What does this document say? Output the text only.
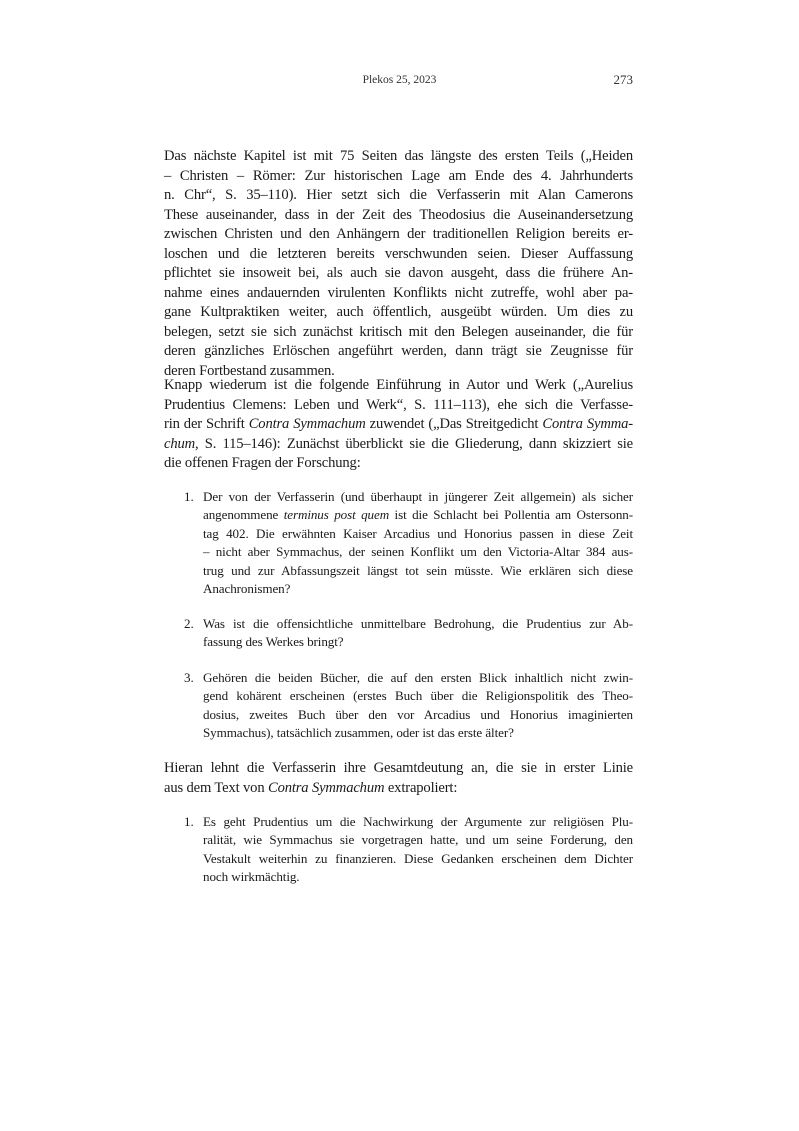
Plekos 25, 2023	273
Das nächste Kapitel ist mit 75 Seiten das längste des ersten Teils („Heiden
– Christen – Römer: Zur historischen Lage am Ende des 4. Jahrhunderts
n. Chr“, S. 35–110). Hier setzt sich die Verfasserin mit Alan Camerons
These auseinander, dass in der Zeit des Theodosius die Auseinandersetzung
zwischen Christen und den Anhängern der traditionellen Religion bereits er-
loschen und die letzteren bereits verschwunden seien. Dieser Auffassung
pflichtet sie insoweit bei, als auch sie davon ausgeht, dass die frühere An-
nahme eines andauernden virulenten Konflikts nicht zutreffe, wohl aber pa-
gane Kultpraktiken weiter, auch öffentlich, ausgeübt würden. Um dies zu
belegen, setzt sie sich zunächst kritisch mit den Belegen auseinander, die für
deren gänzliches Erlöschen angeführt werden, dann trägt sie Zeugnisse für
deren Fortbestand zusammen.
Knapp wiederum ist die folgende Einführung in Autor und Werk („Aurelius
Prudentius Clemens: Leben und Werk“, S. 111–113), ehe sich die Verfasse-
rin der Schrift Contra Symmachum zuwendet („Das Streitgedicht Contra Symma-
chum, S. 115–146): Zunächst überblickt sie die Gliederung, dann skizziert sie
die offenen Fragen der Forschung:
1. Der von der Verfasserin (und überhaupt in jüngerer Zeit allgemein) als sicher
angenommene terminus post quem ist die Schlacht bei Pollentia am Ostersonn-
tag 402. Die erwähnten Kaiser Arcadius und Honorius passen in diese Zeit
– nicht aber Symmachus, der seinen Konflikt um den Victoria-Altar 384 aus-
trug und zur Abfassungszeit längst tot sein müsste. Wie erklären sich diese
Anachronismen?
2. Was ist die offensichtliche unmittelbare Bedrohung, die Prudentius zur Ab-
fassung des Werkes bringt?
3. Gehören die beiden Bücher, die auf den ersten Blick inhaltlich nicht zwin-
gend kohärent erscheinen (erstes Buch über die Religionspolitik des Theo-
dosius, zweites Buch über den vor Arcadius und Honorius imaginierten
Symmachus), tatsächlich zusammen, oder ist das erste älter?
Hieran lehnt die Verfasserin ihre Gesamtdeutung an, die sie in erster Linie
aus dem Text von Contra Symmachum extrapoliert:
1. Es geht Prudentius um die Nachwirkung der Argumente zur religiösen Plu-
ralität, wie Symmachus sie vorgetragen hatte, und um seine Forderung, den
Vestakult weiterhin zu finanzieren. Diese Gedanken erscheinen dem Dichter
noch wirkmächtig.
